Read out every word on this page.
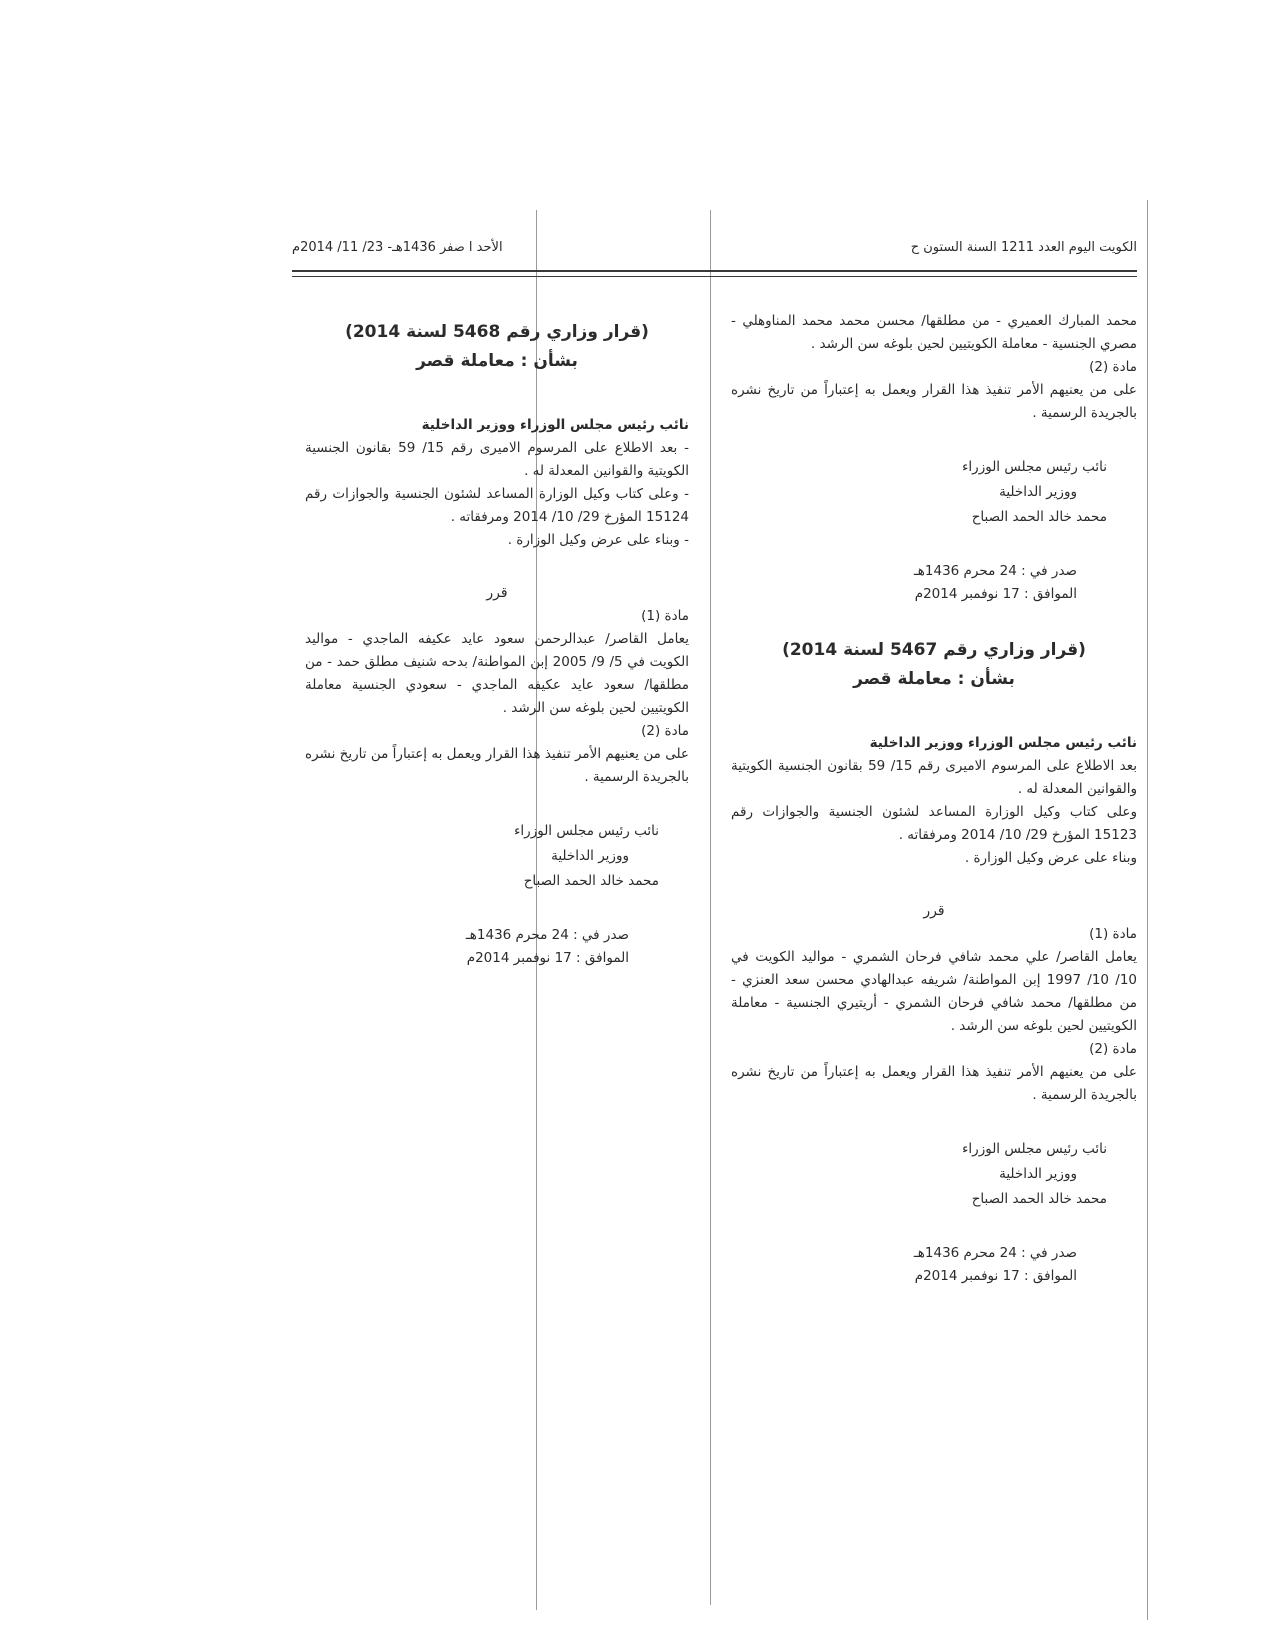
الكويت اليوم العدد 1211 السنة الستون ح
الأحد ا صفر 1436هـ- 23/ 11/ 2014م

محمد المبارك العميري - من مطلقها/ محسن محمد محمد المناوهلي - مصري الجنسية - معاملة الكويتيين لحين بلوغه سن الرشد .

مادة (2)

على من يعنيهم الأمر تنفيذ هذا القرار ويعمل به إعتباراً من تاريخ نشره بالجريدة الرسمية .

نائب رئيس مجلس الوزراء

ووزير الداخلية

محمد خالد الحمد الصباح

صدر في : 24 محرم 1436هـ

الموافق : 17 نوفمبر 2014م

(قرار وزاري رقم 5467 لسنة 2014)

بشأن : معاملة قصر

نائب رئيس مجلس الوزراء ووزير الداخلية

بعد الاطلاع على المرسوم الاميرى رقم 15/ 59 بقانون الجنسية الكويتية والقوانين المعدلة له .

وعلى كتاب وكيل الوزارة المساعد لشئون الجنسية والجوازات رقم 15123 المؤرخ 29/ 10/ 2014 ومرفقاته .

وبناء على عرض وكيل الوزارة .

قرر

مادة (1)

يعامل القاصر/ علي محمد شافي فرحان الشمري - مواليد الكويت في 10/ 10/ 1997 إبن المواطنة/ شريفه عبدالهادي محسن سعد العنزي - من مطلقها/ محمد شافي فرحان الشمري - أريتيري الجنسية - معاملة الكويتيين لحين بلوغه سن الرشد .

مادة (2)

على من يعنيهم الأمر تنفيذ هذا القرار ويعمل به إعتباراً من تاريخ نشره بالجريدة الرسمية .

نائب رئيس مجلس الوزراء

ووزير الداخلية

محمد خالد الحمد الصباح

صدر في : 24 محرم 1436هـ

الموافق : 17 نوفمبر 2014م

(قرار وزاري رقم 5468 لسنة 2014)

بشأن : معاملة قصر

نائب رئيس مجلس الوزراء ووزير الداخلية

- بعد الاطلاع على المرسوم الاميرى رقم 15/ 59 بقانون الجنسية الكويتية والقوانين المعدلة له .

- وعلى كتاب وكيل الوزارة المساعد لشئون الجنسية والجوازات رقم 15124 المؤرخ 29/ 10/ 2014 ومرفقاته .

- وبناء على عرض وكيل الوزارة .

قرر

مادة (1)

يعامل القاصر/ عبدالرحمن سعود عايد عكيفه الماجدي - مواليد الكويت في 5/ 9/ 2005 إبن المواطنة/ بدحه شنيف مطلق حمد - من مطلقها/ سعود عايد عكيفه الماجدي - سعودي الجنسية معاملة الكويتيين لحين بلوغه سن الرشد .

مادة (2)

على من يعنيهم الأمر تنفيذ هذا القرار ويعمل به إعتباراً من تاريخ نشره بالجريدة الرسمية .

نائب رئيس مجلس الوزراء

ووزير الداخلية

محمد خالد الحمد الصباح

صدر في : 24 محرم 1436هـ

الموافق : 17 نوفمبر 2014م
